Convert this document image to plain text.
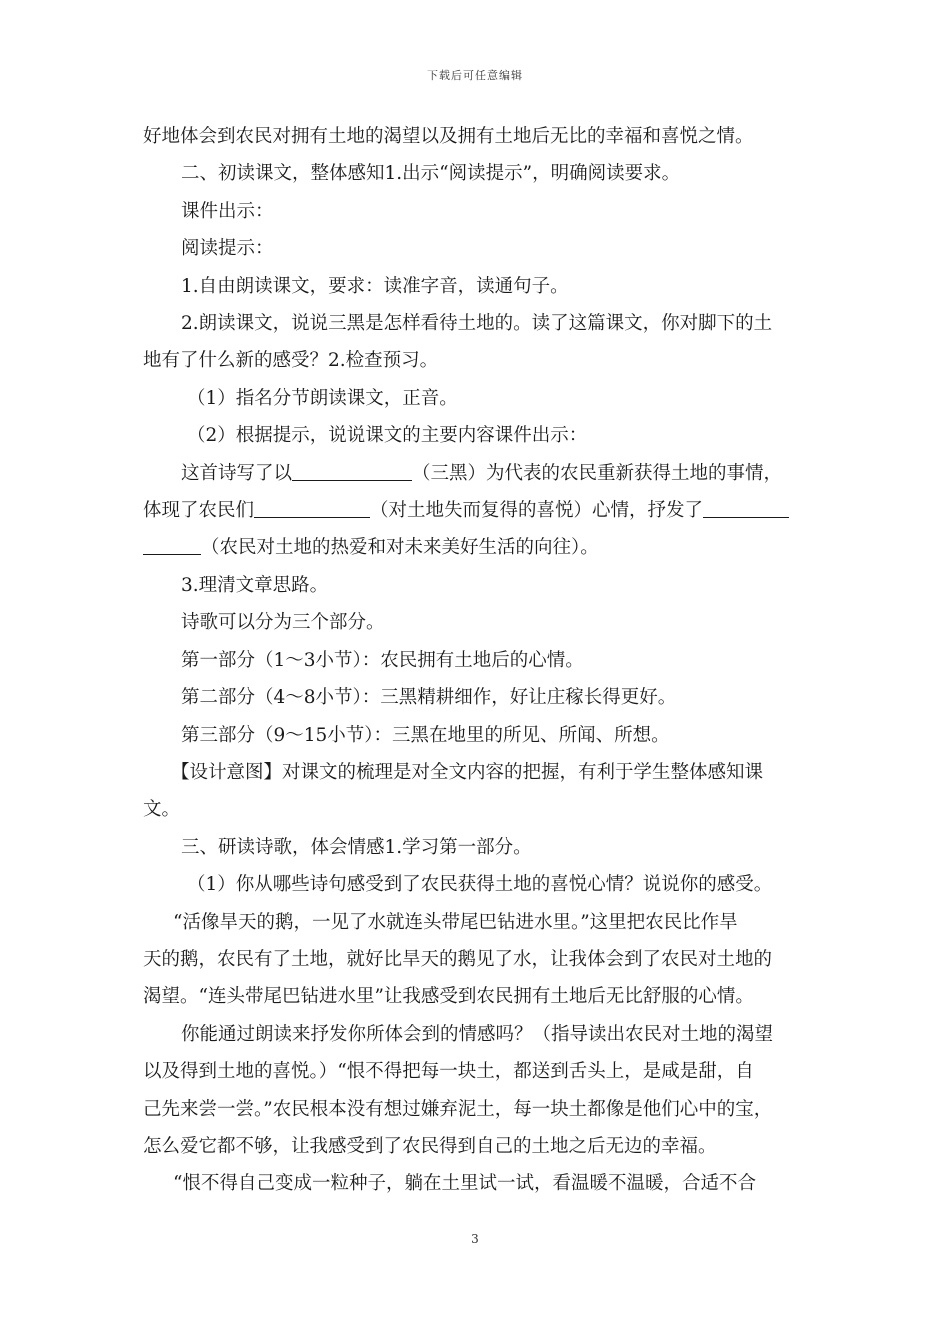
下载后可任意编辑

好地体会到农民对拥有土地的渴望以及拥有土地后无比的幸福和喜悦之情。

二、初读课文，整体感知1.出示“阅读提示”，明确阅读要求。

课件出示：

阅读提示：

1.自由朗读课文，要求：读准字音，读通句子。

2.朗读课文，说说三黑是怎样看待土地的。读了这篇课文，你对脚下的土

地有了什么新的感受？2.检查预习。

（1）指名分节朗读课文，正音。

（2）根据提示，说说课文的主要内容课件出示：

这首诗写了以	（三黑）为代表的农民重新获得土地的事情，

体现了农民们	（对土地失而复得的喜悦）心情，抒发了

（农民对土地的热爱和对未来美好生活的向往）。

3.理清文章思路。

诗歌可以分为三个部分。

第一部分（1～3小节）：农民拥有土地后的心情。

第二部分（4～8小节）：三黑精耕细作，好让庄稼长得更好。

第三部分（9～15小节）：三黑在地里的所见、所闻、所想。

【设计意图】对课文的梳理是对全文内容的把握，有利于学生整体感知课

文。

三、研读诗歌，体会情感1.学习第一部分。

（1）你从哪些诗句感受到了农民获得土地的喜悦心情？说说你的感受。

“活像旱天的鹅，一见了水就连头带尾巴钻进水里。”这里把农民比作旱

天的鹅，农民有了土地，就好比旱天的鹅见了水，让我体会到了农民对土地的

渴望。“连头带尾巴钻进水里”让我感受到农民拥有土地后无比舒服的心情。

你能通过朗读来抒发你所体会到的情感吗？（指导读出农民对土地的渴望

以及得到土地的喜悦。）“恨不得把每一块土，都送到舌头上，是咸是甜，自

己先来尝一尝。”农民根本没有想过嫌弃泥土，每一块土都像是他们心中的宝，

怎么爱它都不够，让我感受到了农民得到自己的土地之后无边的幸福。

“恨不得自己变成一粒种子，躺在土里试一试，看温暖不温暖，合适不合

3
